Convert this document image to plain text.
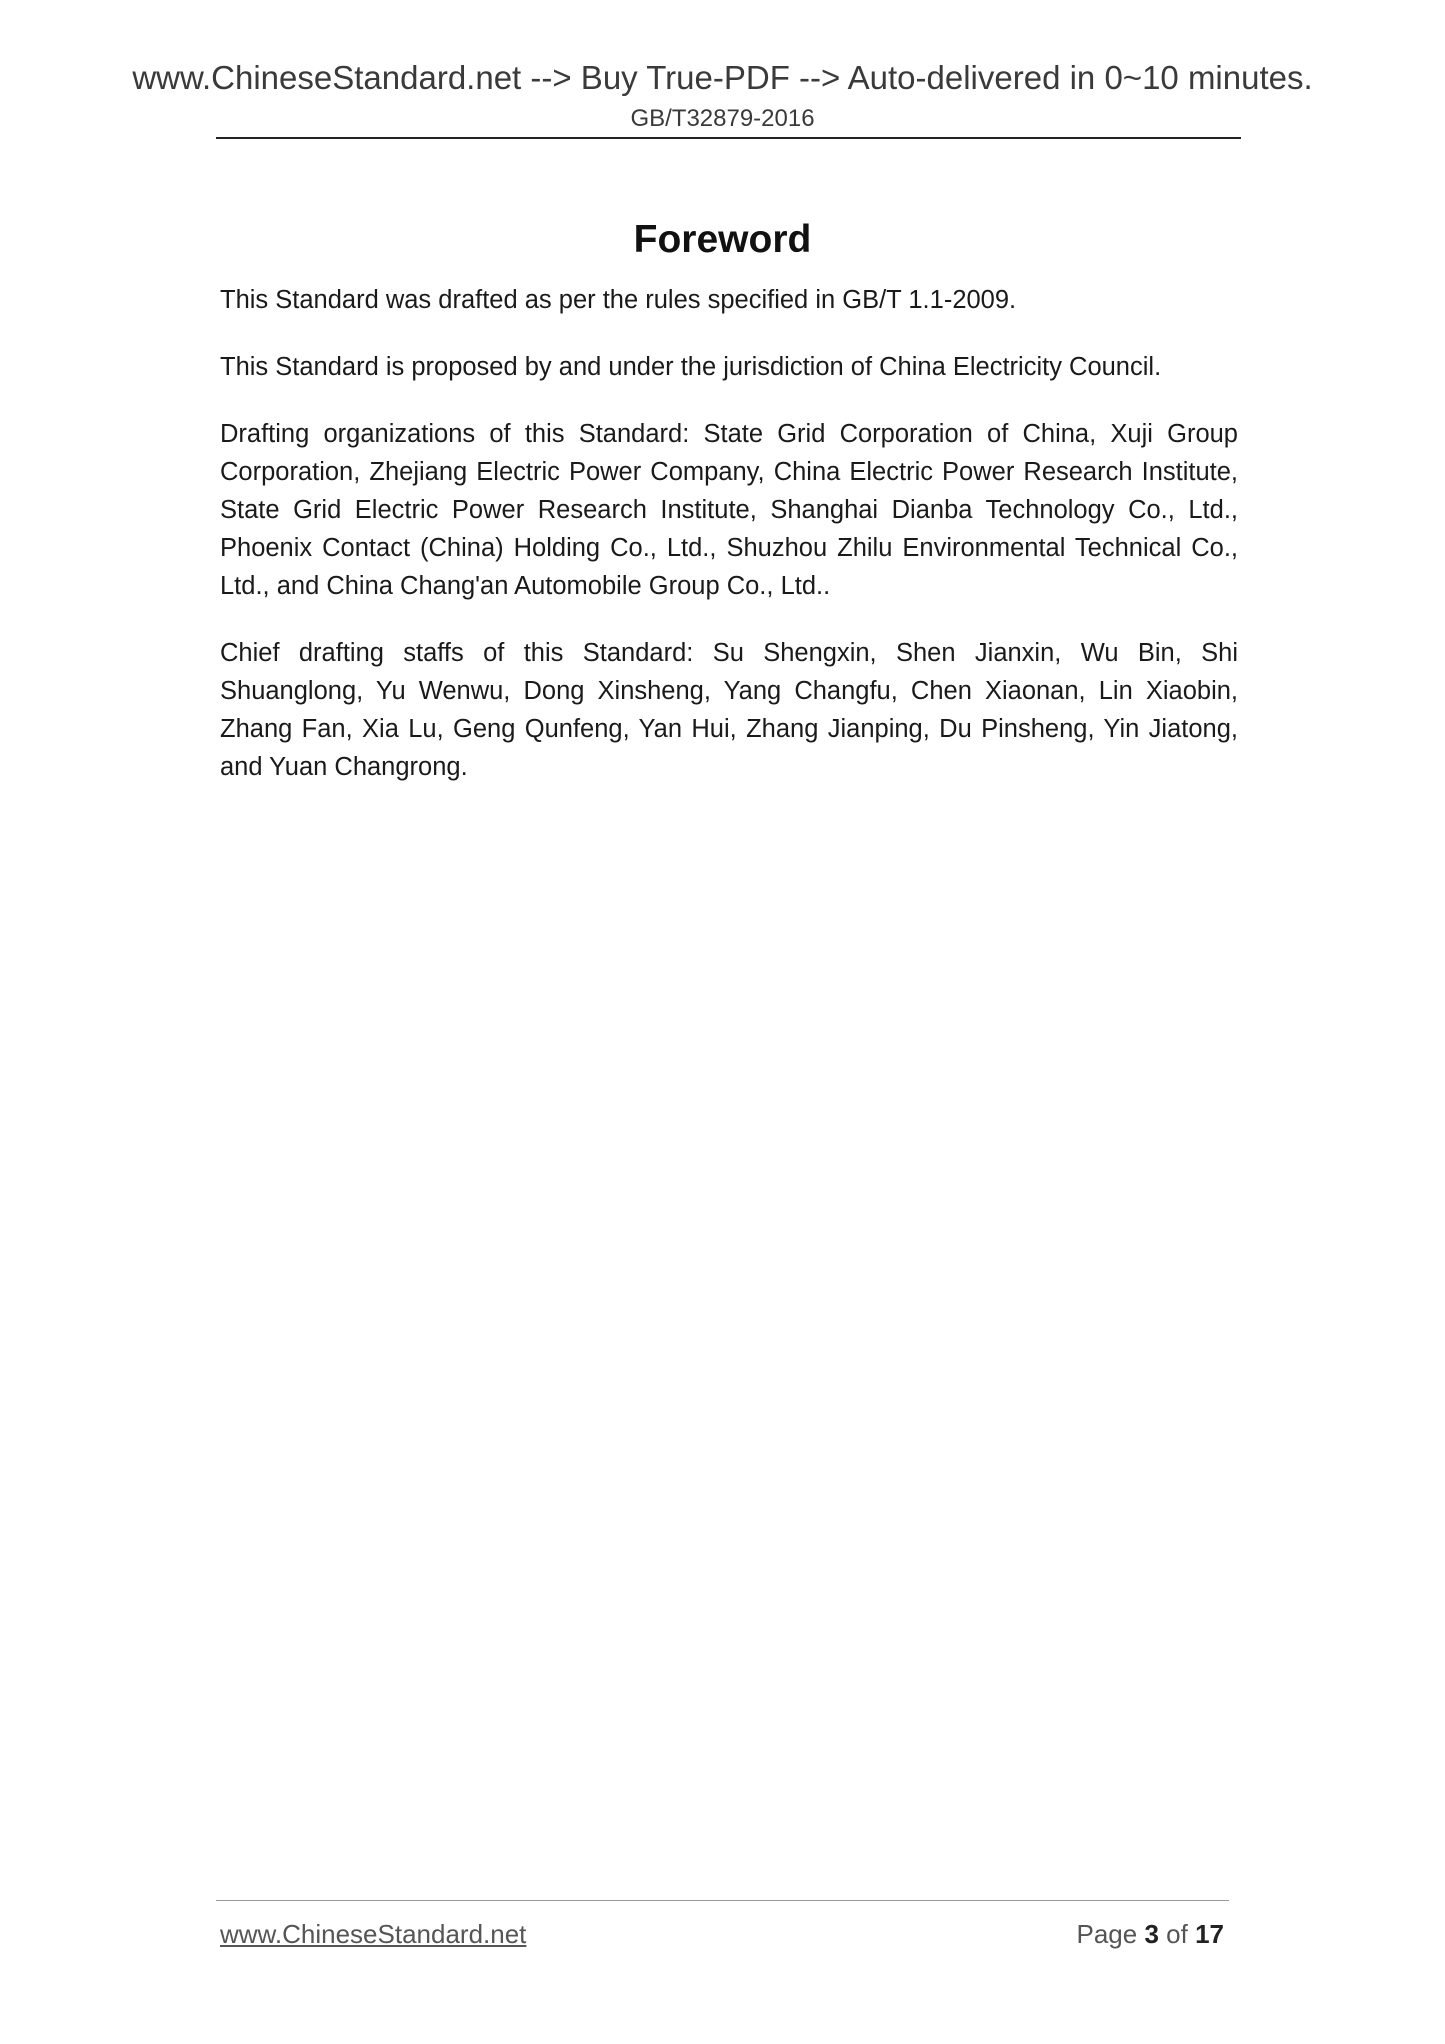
www.ChineseStandard.net --> Buy True-PDF --> Auto-delivered in 0~10 minutes.
GB/T32879-2016
Foreword

This Standard was drafted as per the rules specified in GB/T 1.1-2009.

This Standard is proposed by and under the jurisdiction of China Electricity Council.

Drafting organizations of this Standard: State Grid Corporation of China, Xuji Group Corporation, Zhejiang Electric Power Company, China Electric Power Research Institute, State Grid Electric Power Research Institute, Shanghai Dianba Technology Co., Ltd., Phoenix Contact (China) Holding Co., Ltd., Shuzhou Zhilu Environmental Technical Co., Ltd., and China Chang'an Automobile Group Co., Ltd..

Chief drafting staffs of this Standard: Su Shengxin, Shen Jianxin, Wu Bin, Shi Shuanglong, Yu Wenwu, Dong Xinsheng, Yang Changfu, Chen Xiaonan, Lin Xiaobin, Zhang Fan, Xia Lu, Geng Qunfeng, Yan Hui, Zhang Jianping, Du Pinsheng, Yin Jiatong, and Yuan Changrong.

www.ChineseStandard.net	Page 3 of 17
